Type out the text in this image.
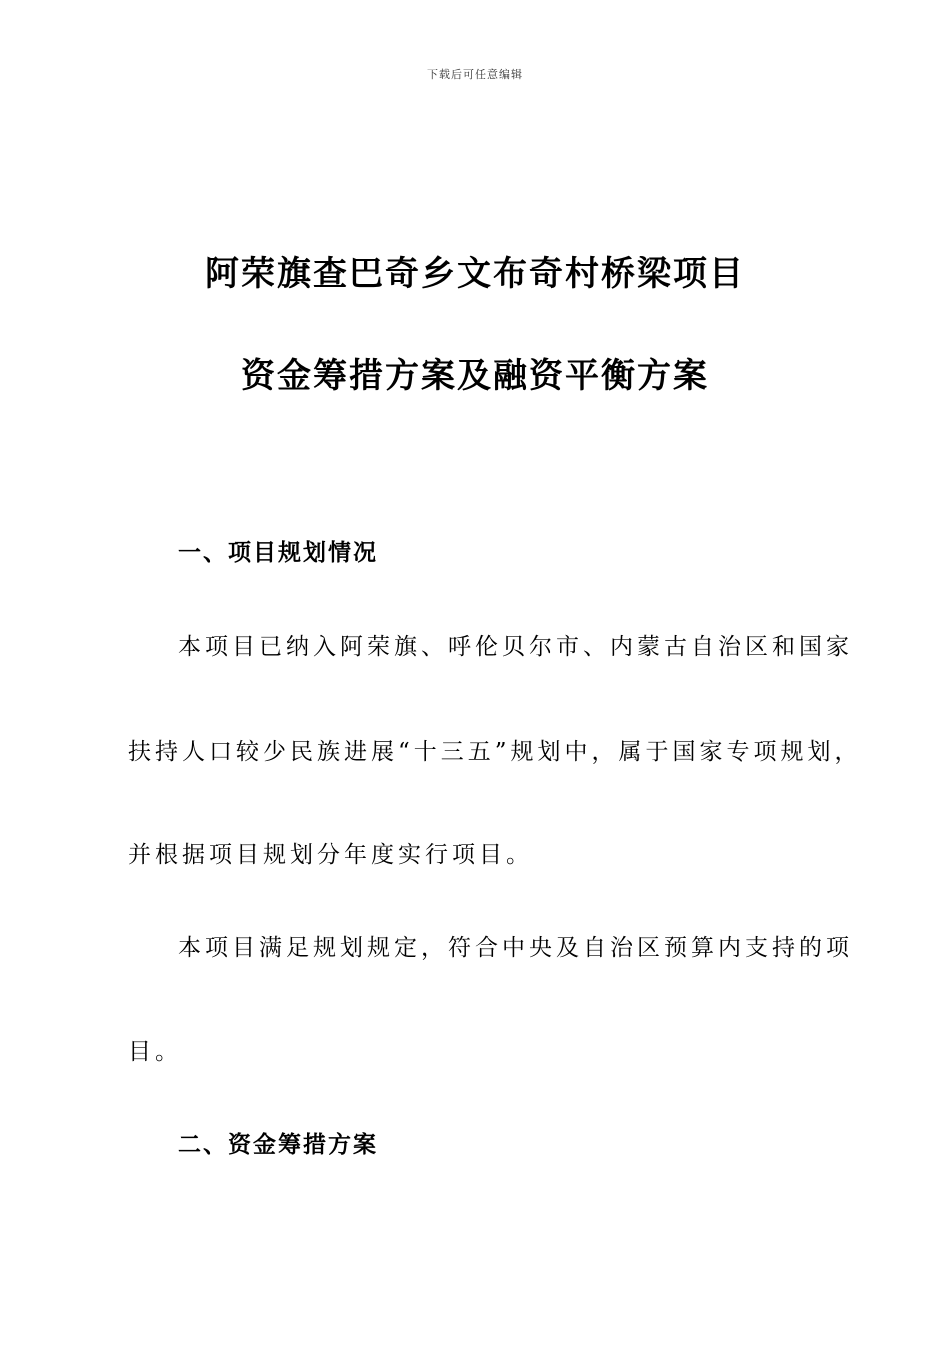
下载后可任意编辑
阿荣旗查巴奇乡文布奇村桥梁项目
资金筹措方案及融资平衡方案
一、项目规划情况
本项目已纳入阿荣旗、呼伦贝尔市、内蒙古自治区和国家
扶持人口较少民族进展“十三五”规划中，属于国家专项规划，
并根据项目规划分年度实行项目。
本项目满足规划规定，符合中央及自治区预算内支持的项
目。
二、资金筹措方案
